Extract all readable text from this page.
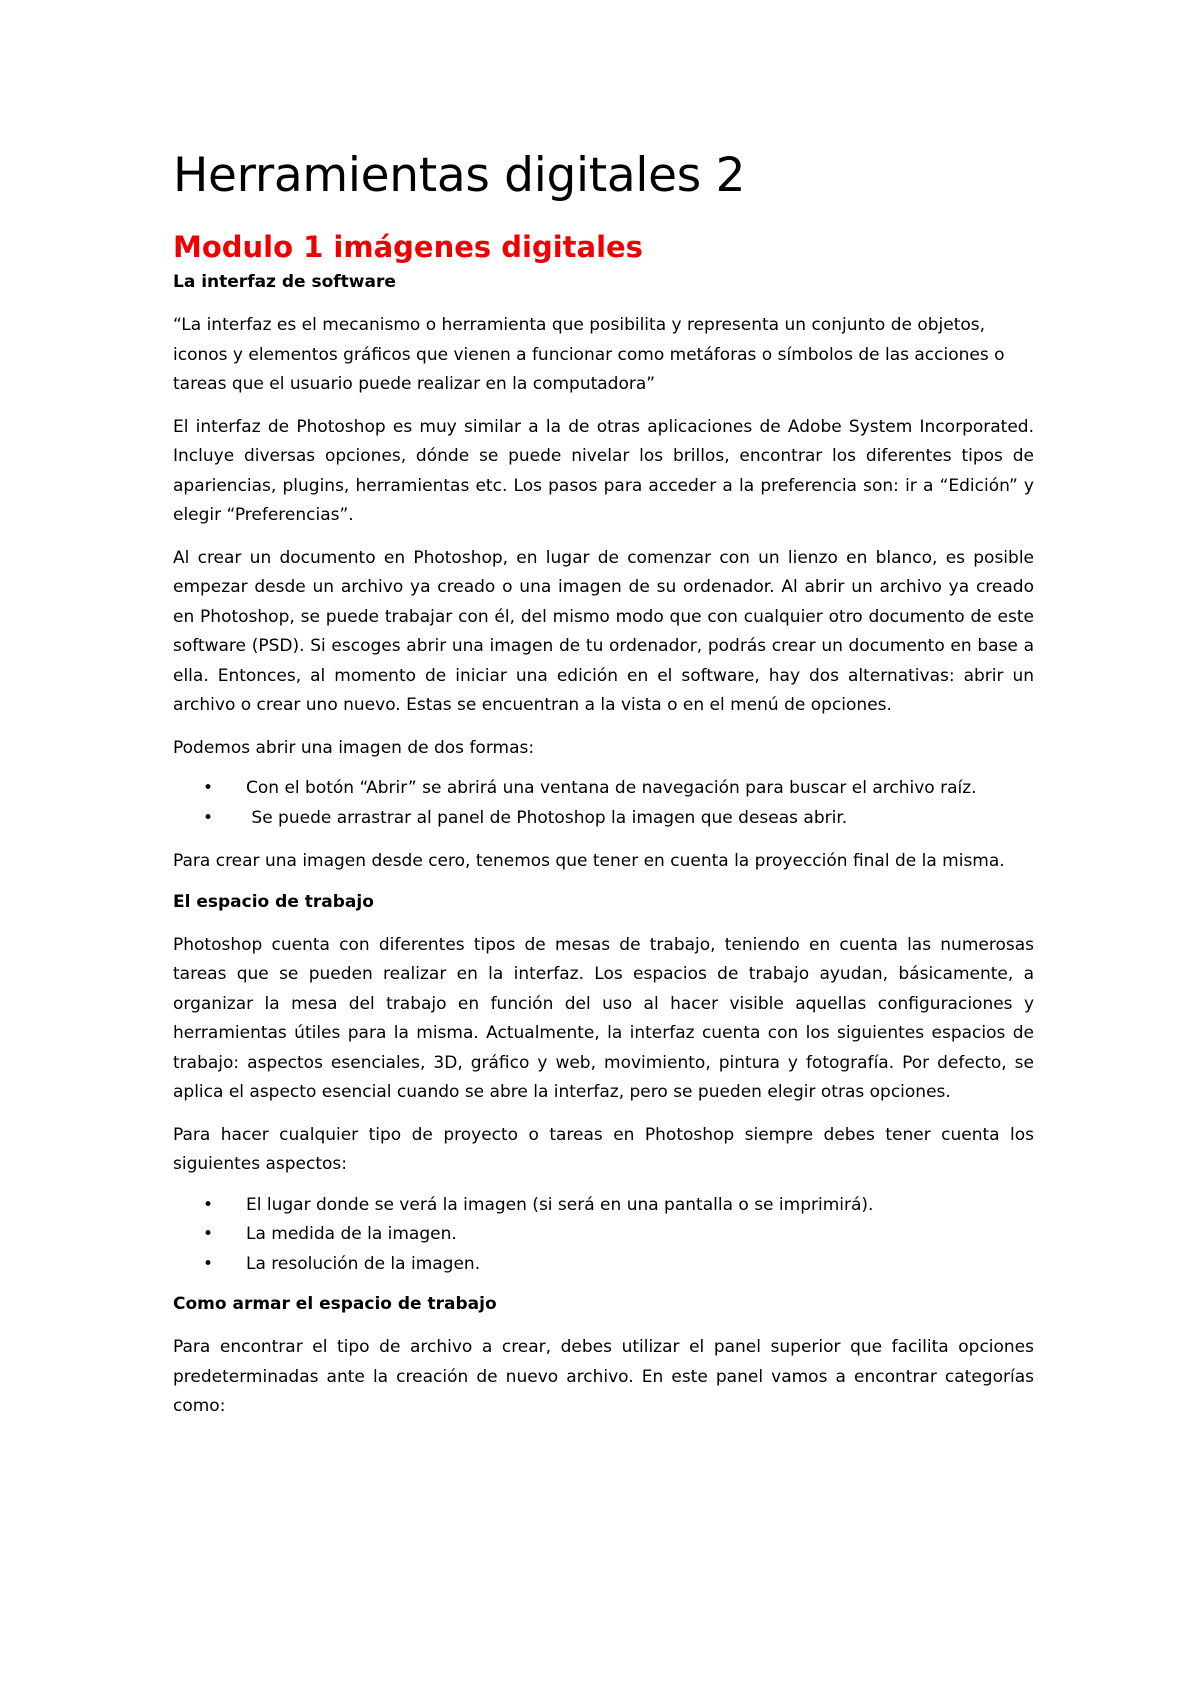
Herramientas digitales 2
Modulo 1 imágenes digitales
La interfaz de software

“La interfaz es el mecanismo o herramienta que posibilita y representa un conjunto de objetos, iconos y elementos gráficos que vienen a funcionar como metáforas o símbolos de las acciones o tareas que el usuario puede realizar en la computadora”

El interfaz de Photoshop es muy similar a la de otras aplicaciones de Adobe System Incorporated. Incluye diversas opciones, dónde se puede nivelar los brillos, encontrar los diferentes tipos de apariencias, plugins, herramientas etc. Los pasos para acceder a la preferencia son: ir a “Edición” y elegir “Preferencias”.

Al crear un documento en Photoshop, en lugar de comenzar con un lienzo en blanco, es posible empezar desde un archivo ya creado o una imagen de su ordenador. Al abrir un archivo ya creado en Photoshop, se puede trabajar con él, del mismo modo que con cualquier otro documento de este software (PSD). Si escoges abrir una imagen de tu ordenador, podrás crear un documento en base a ella. Entonces, al momento de iniciar una edición en el software, hay dos alternativas: abrir un archivo o crear uno nuevo. Estas se encuentran a la vista o en el menú de opciones.

Podemos abrir una imagen de dos formas:

• Con el botón “Abrir” se abrirá una ventana de navegación para buscar el archivo raíz.
• Se puede arrastrar al panel de Photoshop la imagen que deseas abrir.

Para crear una imagen desde cero, tenemos que tener en cuenta la proyección final de la misma.

El espacio de trabajo

Photoshop cuenta con diferentes tipos de mesas de trabajo, teniendo en cuenta las numerosas tareas que se pueden realizar en la interfaz. Los espacios de trabajo ayudan, básicamente, a organizar la mesa del trabajo en función del uso al hacer visible aquellas configuraciones y herramientas útiles para la misma. Actualmente, la interfaz cuenta con los siguientes espacios de trabajo: aspectos esenciales, 3D, gráfico y web, movimiento, pintura y fotografía. Por defecto, se aplica el aspecto esencial cuando se abre la interfaz, pero se pueden elegir otras opciones.

Para hacer cualquier tipo de proyecto o tareas en Photoshop siempre debes tener cuenta los siguientes aspectos:

• El lugar donde se verá la imagen (si será en una pantalla o se imprimirá).
• La medida de la imagen.
• La resolución de la imagen.
Como armar el espacio de trabajo

Para encontrar el tipo de archivo a crear, debes utilizar el panel superior que facilita opciones predeterminadas ante la creación de nuevo archivo. En este panel vamos a encontrar categorías como:
